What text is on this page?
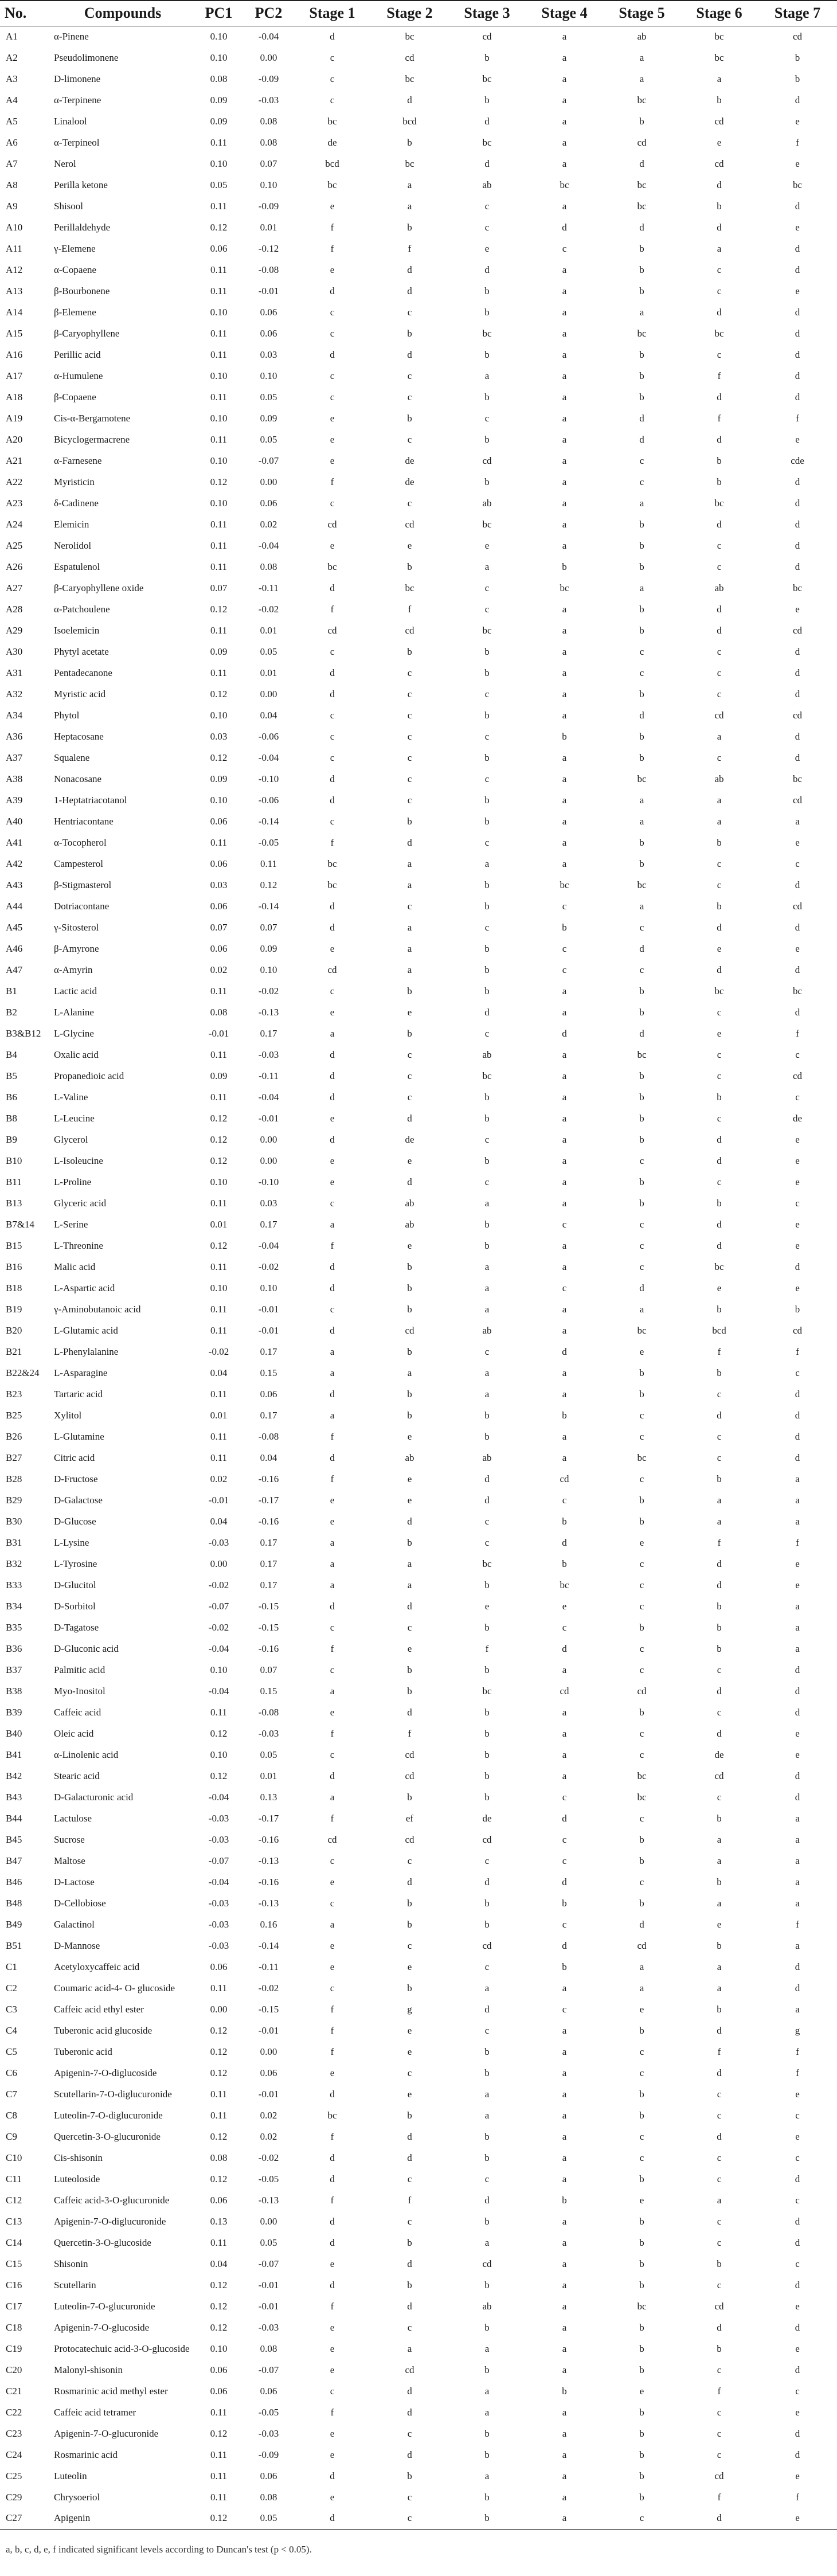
No.	Compounds	PC1	PC2	Stage 1	Stage 2	Stage 3	Stage 4	Stage 5	Stage 6	Stage 7
A1	α-Pinene	0.10	-0.04	d	bc	cd	a	ab	bc	cd
A2	Pseudolimonene	0.10	0.00	c	cd	b	a	a	bc	b
A3	D-limonene	0.08	-0.09	c	bc	bc	a	a	a	b
A4	α-Terpinene	0.09	-0.03	c	d	b	a	bc	b	d
A5	Linalool	0.09	0.08	bc	bcd	d	a	b	cd	e
A6	α-Terpineol	0.11	0.08	de	b	bc	a	cd	e	f
A7	Nerol	0.10	0.07	bcd	bc	d	a	d	cd	e
A8	Perilla ketone	0.05	0.10	bc	a	ab	bc	bc	d	bc
A9	Shisool	0.11	-0.09	e	a	c	a	bc	b	d
A10	Perillaldehyde	0.12	0.01	f	b	c	d	d	d	e
A11	γ-Elemene	0.06	-0.12	f	f	e	c	b	a	d
A12	α-Copaene	0.11	-0.08	e	d	d	a	b	c	d
A13	β-Bourbonene	0.11	-0.01	d	d	b	a	b	c	e
A14	β-Elemene	0.10	0.06	c	c	b	a	a	d	d
A15	β-Caryophyllene	0.11	0.06	c	b	bc	a	bc	bc	d
A16	Perillic acid	0.11	0.03	d	d	b	a	b	c	d
A17	α-Humulene	0.10	0.10	c	c	a	a	b	f	d
A18	β-Copaene	0.11	0.05	c	c	b	a	b	d	d
A19	Cis-α-Bergamotene	0.10	0.09	e	b	c	a	d	f	f
A20	Bicyclogermacrene	0.11	0.05	e	c	b	a	d	d	e
A21	α-Farnesene	0.10	-0.07	e	de	cd	a	c	b	cde
A22	Myristicin	0.12	0.00	f	de	b	a	c	b	d
A23	δ-Cadinene	0.10	0.06	c	c	ab	a	a	bc	d
A24	Elemicin	0.11	0.02	cd	cd	bc	a	b	d	d
A25	Nerolidol	0.11	-0.04	e	e	e	a	b	c	d
A26	Espatulenol	0.11	0.08	bc	b	a	b	b	c	d
A27	β-Caryophyllene oxide	0.07	-0.11	d	bc	c	bc	a	ab	bc
A28	α-Patchoulene	0.12	-0.02	f	f	c	a	b	d	e
A29	Isoelemicin	0.11	0.01	cd	cd	bc	a	b	d	cd
A30	Phytyl acetate	0.09	0.05	c	b	b	a	c	c	d
A31	Pentadecanone	0.11	0.01	d	c	b	a	c	c	d
A32	Myristic acid	0.12	0.00	d	c	c	a	b	c	d
A34	Phytol	0.10	0.04	c	c	b	a	d	cd	cd
A36	Heptacosane	0.03	-0.06	c	c	c	b	b	a	d
A37	Squalene	0.12	-0.04	c	c	b	a	b	c	d
A38	Nonacosane	0.09	-0.10	d	c	c	a	bc	ab	bc
A39	1-Heptatriacotanol	0.10	-0.06	d	c	b	a	a	a	cd
A40	Hentriacontane	0.06	-0.14	c	b	b	a	a	a	a
A41	α-Tocopherol	0.11	-0.05	f	d	c	a	b	b	e
A42	Campesterol	0.06	0.11	bc	a	a	a	b	c	c
A43	β-Stigmasterol	0.03	0.12	bc	a	b	bc	bc	c	d
A44	Dotriacontane	0.06	-0.14	d	c	b	c	a	b	cd
A45	γ-Sitosterol	0.07	0.07	d	a	c	b	c	d	d
A46	β-Amyrone	0.06	0.09	e	a	b	c	d	e	e
A47	α-Amyrin	0.02	0.10	cd	a	b	c	c	d	d
B1	Lactic acid	0.11	-0.02	c	b	b	a	b	bc	bc
B2	L-Alanine	0.08	-0.13	e	e	d	a	b	c	d
B3&B12	L-Glycine	-0.01	0.17	a	b	c	d	d	e	f
B4	Oxalic acid	0.11	-0.03	d	c	ab	a	bc	c	c
B5	Propanedioic acid	0.09	-0.11	d	c	bc	a	b	c	cd
B6	L-Valine	0.11	-0.04	d	c	b	a	b	b	c
B8	L-Leucine	0.12	-0.01	e	d	b	a	b	c	de
B9	Glycerol	0.12	0.00	d	de	c	a	b	d	e
B10	L-Isoleucine	0.12	0.00	e	e	b	a	c	d	e
B11	L-Proline	0.10	-0.10	e	d	c	a	b	c	e
B13	Glyceric acid	0.11	0.03	c	ab	a	a	b	b	c
B7&14	L-Serine	0.01	0.17	a	ab	b	c	c	d	e
B15	L-Threonine	0.12	-0.04	f	e	b	a	c	d	e
B16	Malic acid	0.11	-0.02	d	b	a	a	c	bc	d
B18	L-Aspartic acid	0.10	0.10	d	b	a	c	d	e	e
B19	γ-Aminobutanoic acid	0.11	-0.01	c	b	a	a	a	b	b
B20	L-Glutamic acid	0.11	-0.01	d	cd	ab	a	bc	bcd	cd
B21	L-Phenylalanine	-0.02	0.17	a	b	c	d	e	f	f
B22&24	L-Asparagine	0.04	0.15	a	a	a	a	b	b	c
B23	Tartaric acid	0.11	0.06	d	b	a	a	b	c	d
B25	Xylitol	0.01	0.17	a	b	b	b	c	d	d
B26	L-Glutamine	0.11	-0.08	f	e	b	a	c	c	d
B27	Citric acid	0.11	0.04	d	ab	ab	a	bc	c	d
B28	D-Fructose	0.02	-0.16	f	e	d	cd	c	b	a
B29	D-Galactose	-0.01	-0.17	e	e	d	c	b	a	a
B30	D-Glucose	0.04	-0.16	e	d	c	b	b	a	a
B31	L-Lysine	-0.03	0.17	a	b	c	d	e	f	f
B32	L-Tyrosine	0.00	0.17	a	a	bc	b	c	d	e
B33	D-Glucitol	-0.02	0.17	a	a	b	bc	c	d	e
B34	D-Sorbitol	-0.07	-0.15	d	d	e	e	c	b	a
B35	D-Tagatose	-0.02	-0.15	c	c	b	c	b	b	a
B36	D-Gluconic acid	-0.04	-0.16	f	e	f	d	c	b	a
B37	Palmitic acid	0.10	0.07	c	b	b	a	c	c	d
B38	Myo-Inositol	-0.04	0.15	a	b	bc	cd	cd	d	d
B39	Caffeic acid	0.11	-0.08	e	d	b	a	b	c	d
B40	Oleic acid	0.12	-0.03	f	f	b	a	c	d	e
B41	α-Linolenic acid	0.10	0.05	c	cd	b	a	c	de	e
B42	Stearic acid	0.12	0.01	d	cd	b	a	bc	cd	d
B43	D-Galacturonic acid	-0.04	0.13	a	b	b	c	bc	c	d
B44	Lactulose	-0.03	-0.17	f	ef	de	d	c	b	a
B45	Sucrose	-0.03	-0.16	cd	cd	cd	c	b	a	a
B47	Maltose	-0.07	-0.13	c	c	c	c	b	a	a
B46	D-Lactose	-0.04	-0.16	e	d	d	d	c	b	a
B48	D-Cellobiose	-0.03	-0.13	c	b	b	b	b	a	a
B49	Galactinol	-0.03	0.16	a	b	b	c	d	e	f
B51	D-Mannose	-0.03	-0.14	e	c	cd	d	cd	b	a
C1	Acetyloxycaffeic acid	0.06	-0.11	e	e	c	b	a	a	d
C2	Coumaric acid-4- O- glucoside	0.11	-0.02	c	b	a	a	a	a	d
C3	Caffeic acid ethyl ester	0.00	-0.15	f	g	d	c	e	b	a
C4	Tuberonic acid glucoside	0.12	-0.01	f	e	c	a	b	d	g
C5	Tuberonic acid	0.12	0.00	f	e	b	a	c	f	f
C6	Apigenin-7-O-diglucoside	0.12	0.06	e	c	b	a	c	d	f
C7	Scutellarin-7-O-diglucuronide	0.11	-0.01	d	e	a	a	b	c	e
C8	Luteolin-7-O-diglucuronide	0.11	0.02	bc	b	a	a	b	c	c
C9	Quercetin-3-O-glucuronide	0.12	0.02	f	d	b	a	c	d	e
C10	Cis-shisonin	0.08	-0.02	d	d	b	a	c	c	c
C11	Luteoloside	0.12	-0.05	d	c	c	a	b	c	d
C12	Caffeic acid-3-O-glucuronide	0.06	-0.13	f	f	d	b	e	a	c
C13	Apigenin-7-O-diglucuronide	0.13	0.00	d	c	b	a	b	c	d
C14	Quercetin-3-O-glucoside	0.11	0.05	d	b	a	a	b	c	d
C15	Shisonin	0.04	-0.07	e	d	cd	a	b	b	c
C16	Scutellarin	0.12	-0.01	d	b	b	a	b	c	d
C17	Luteolin-7-O-glucuronide	0.12	-0.01	f	d	ab	a	bc	cd	e
C18	Apigenin-7-O-glucoside	0.12	-0.03	e	c	b	a	b	d	d
C19	Protocatechuic acid-3-O-glucoside	0.10	0.08	e	a	a	a	b	b	e
C20	Malonyl-shisonin	0.06	-0.07	e	cd	b	a	b	c	d
C21	Rosmarinic acid methyl ester	0.06	0.06	c	d	a	b	e	f	c
C22	Caffeic acid tetramer	0.11	-0.05	f	d	a	a	b	c	e
C23	Apigenin-7-O-glucuronide	0.12	-0.03	e	c	b	a	b	c	d
C24	Rosmarinic acid	0.11	-0.09	e	d	b	a	b	c	d
C25	Luteolin	0.11	0.06	d	b	a	a	b	cd	e
C29	Chrysoeriol	0.11	0.08	e	c	b	a	b	f	f
C27	Apigenin	0.12	0.05	d	c	b	a	c	d	e
a, b, c, d, e, f indicated significant levels according to Duncan's test (p < 0.05).
